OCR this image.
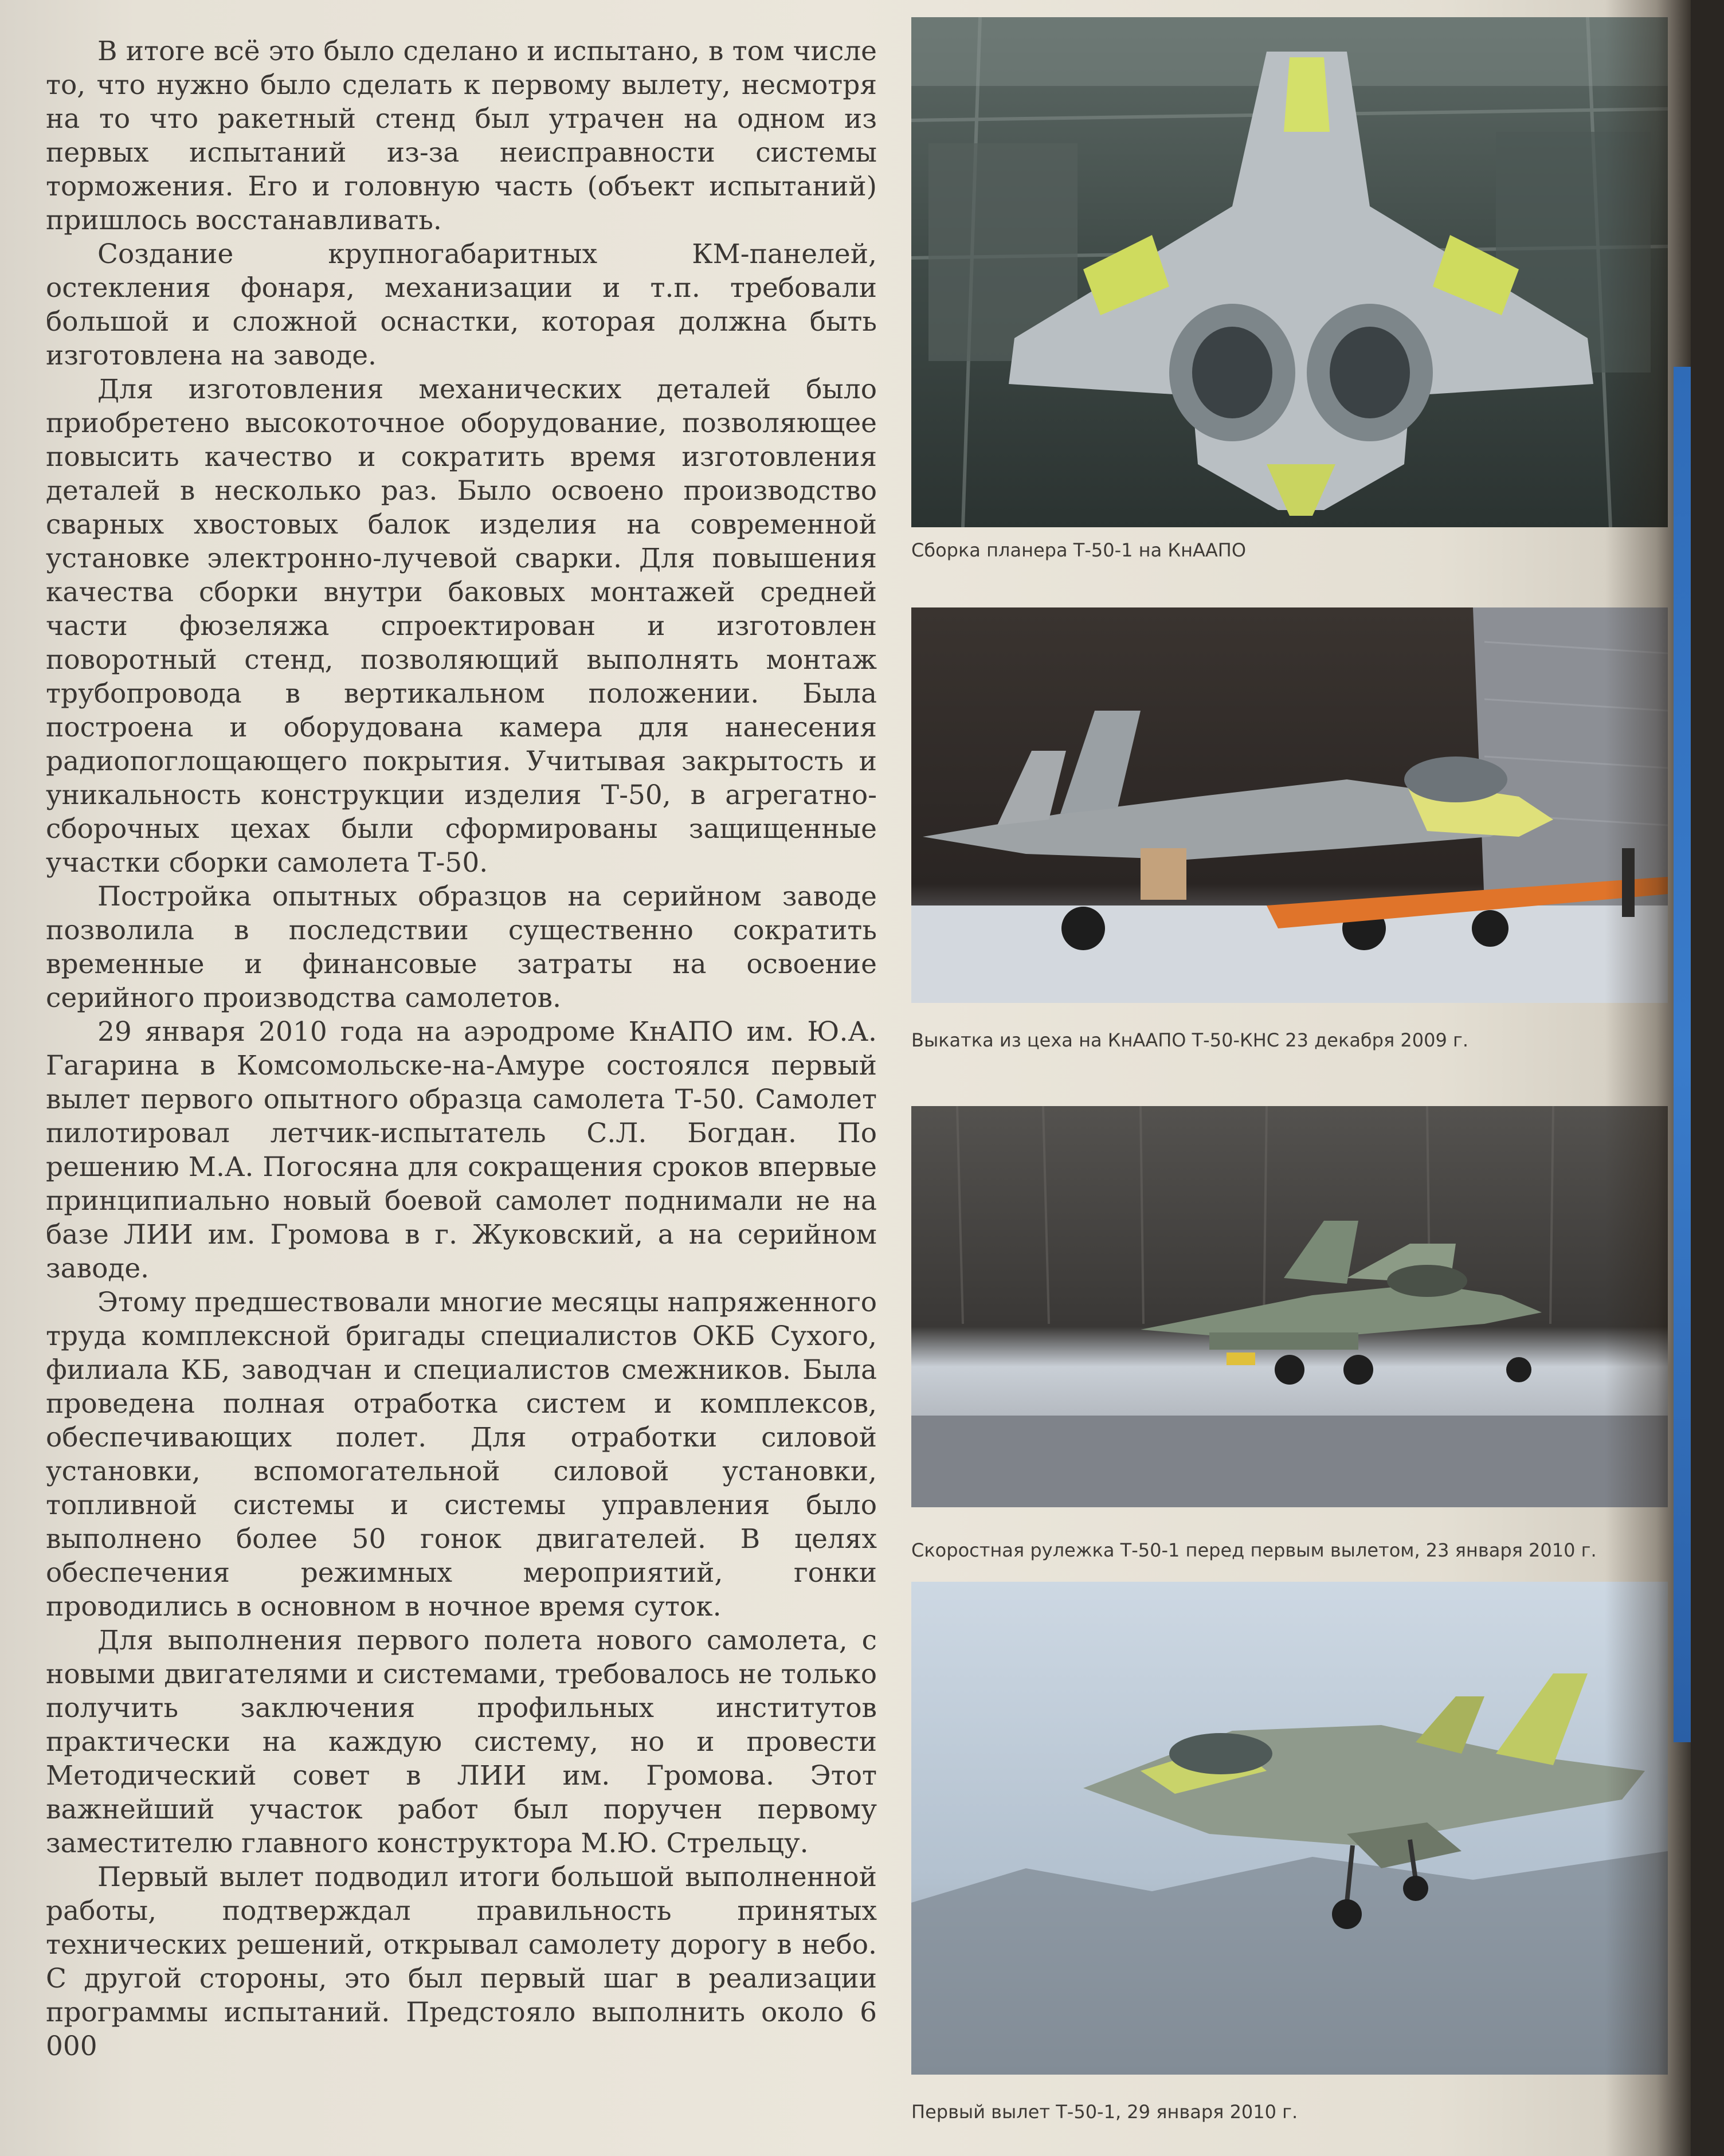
В итоге всё это было сделано и испытано, в том числе то, что нужно было сделать к первому вылету, несмотря на то что ракетный стенд был утрачен на одном из первых испытаний из-за неисправности системы торможения. Его и головную часть (объект испытаний) пришлось восстанавливать.

Создание крупногабаритных КМ-панелей, остекления фонаря, механизации и т.п. требовали большой и сложной оснастки, которая должна быть изготовлена на заводе.

Для изготовления механических деталей было приобретено высокоточное оборудование, позволяющее повысить качество и сократить время изготовления деталей в несколько раз. Было освоено производство сварных хвостовых балок изделия на современной установке электронно-лучевой сварки. Для повышения качества сборки внутри баковых монтажей средней части фюзеляжа спроектирован и изготовлен поворотный стенд, позволяющий выполнять монтаж трубопровода в вертикальном положении. Была построена и оборудована камера для нанесения радиопоглощающего покрытия. Учитывая закрытость и уникальность конструкции изделия Т-50, в агрегатно-сборочных цехах были сформированы защищенные участки сборки самолета Т-50.

Постройка опытных образцов на серийном заводе позволила в последствии существенно сократить временные и финансовые затраты на освоение серийного производства самолетов.

29 января 2010 года на аэродроме КнАПО им. Ю.А. Гагарина в Комсомольске-на-Амуре состоялся первый вылет первого опытного образца самолета Т-50. Самолет пилотировал летчик-испытатель С.Л. Богдан. По решению М.А. Погосяна для сокращения сроков впервые принципиально новый боевой самолет поднимали не на базе ЛИИ им. Громова в г. Жуковский, а на серийном заводе.

Этому предшествовали многие месяцы напряженного труда комплексной бригады специалистов ОКБ Сухого, филиала КБ, заводчан и специалистов смежников. Была проведена полная отработка систем и комплексов, обеспечивающих полет. Для отработки силовой установки, вспомогательной силовой установки, топливной системы и системы управления было выполнено более 50 гонок двигателей. В целях обеспечения режимных мероприятий, гонки проводились в основном в ночное время суток.

Для выполнения первого полета нового самолета, с новыми двигателями и системами, требовалось не только получить заключения профильных институтов практически на каждую систему, но и провести Методический совет в ЛИИ им. Громова. Этот важнейший участок работ был поручен первому заместителю главного конструктора М.Ю. Стрельцу.

Первый вылет подводил итоги большой выполненной работы, подтверждал правильность принятых технических решений, открывал самолету дорогу в небо. С другой стороны, это был первый шаг в реализации программы испытаний. Предстояло выполнить около 6 000

Сборка планера Т-50-1 на КнААПО
Выкатка из цеха на КнААПО Т-50-КНС 23 декабря 2009 г.
Скоростная рулежка Т-50-1 перед первым вылетом, 23 января 2010 г.
Первый вылет Т-50-1, 29 января 2010 г.
